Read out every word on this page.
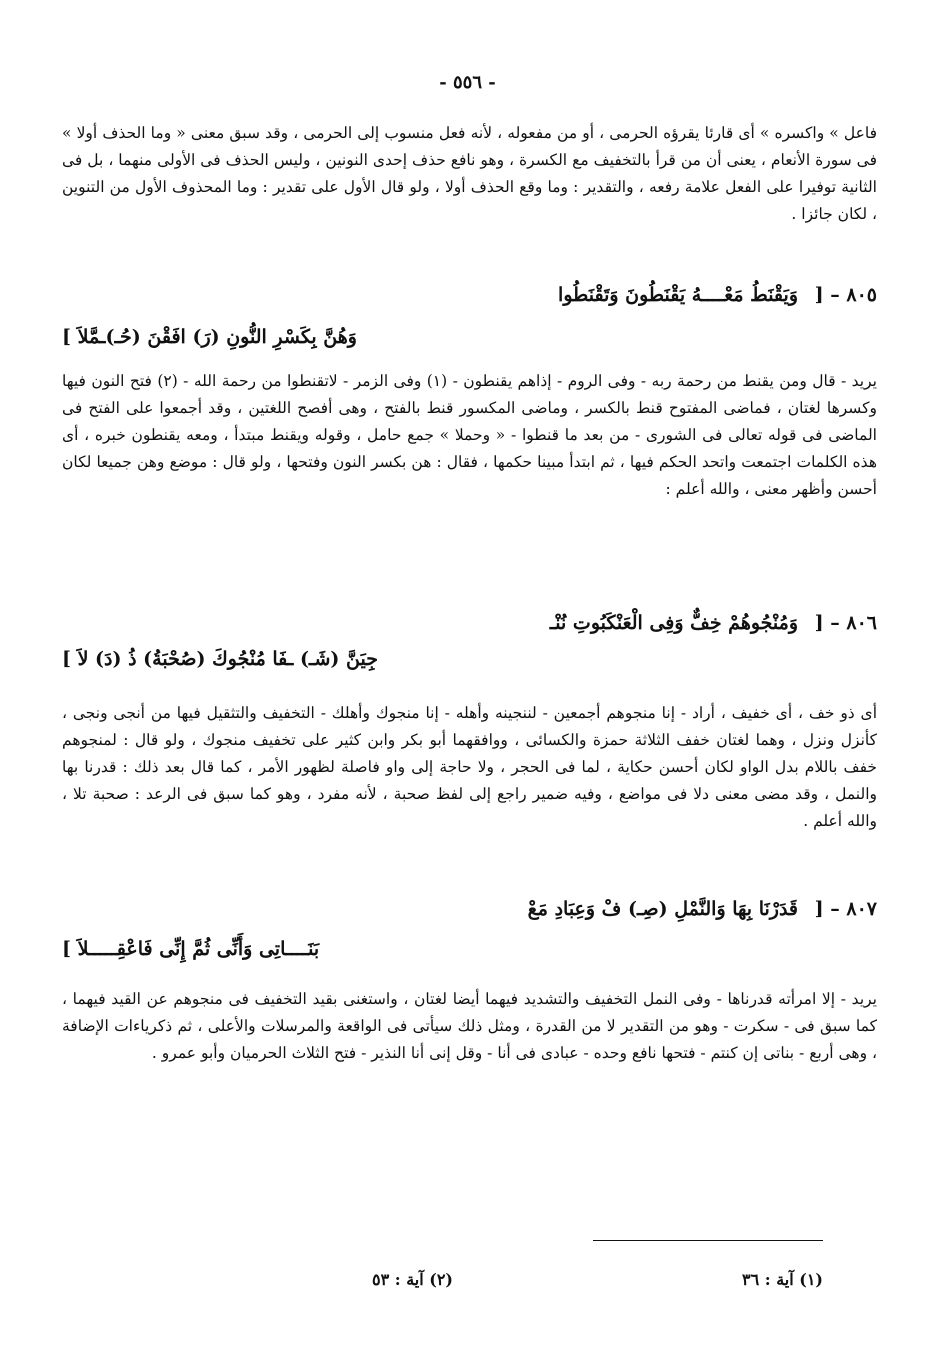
- ٥٥٦ -
فاعل » واكسره » أى قارئا يقرؤه الحرمى ، أو من مفعوله ، لأنه فعل منسوب إلى الحرمى ، وقد سبق معنى « وما الحذف أولا » فى سورة الأنعام ، يعنى أن من قرأ بالتخفيف مع الكسرة ، وهو نافع حذف إحدى النونين ، وليس الحذف فى الأولى منهما ، بل فى الثانية توفيرا على الفعل علامة رفعه ، والتقدير : وما وقع الحذف أولا ، ولو قال الأول على تقدير : وما المحذوف الأول من التنوين ، لكان جائزا .
٨٠٥ – [ وَيَقْنَطُ مَعْــــهُ يَقْنَطُونَ وَتَقْنَطُوا
وَهُنَّ بِكَسْرِ النُّونِ (رَ) افَقْنَ (حُـ)ـمَّلاَ ]
يريد - قال ومن يقنط من رحمة ربه - وفى الروم - إذاهم يقنطون - (١) وفى الزمر - لاتقنطوا من رحمة الله - (٢) فتح النون فيها وكسرها لغتان ، فماضى المفتوح قنط بالكسر ، وماضى المكسور قنط بالفتح ، وهى أفصح اللغتين ، وقد أجمعوا على الفتح فى الماضى فى قوله تعالى فى الشورى - من بعد ما قنطوا - « وحملا » جمع حامل ، وقوله ويقنط مبتدأ ، ومعه يقنطون خبره ، أى هذه الكلمات اجتمعت واتحد الحكم فيها ، ثم ابتدأ مبينا حكمها ، فقال : هن بكسر النون وفتحها ، ولو قال : موضع وهن جميعا لكان أحسن وأظهر معنى ، والله أعلم :
٨٠٦ – [ وَمُنْجُوهُمْ خِفٌّ وَفِى الْعَنْكَبُوتِ نُنْـ
جِيَنَّ (شَـ) ـفَا مُنْجُوكَ (صُحْبَةُ) ذُ (دَ) لاَ ]
أى ذو خف ، أى خفيف ، أراد - إنا منجوهم أجمعين - لننجينه وأهله - إنا منجوك وأهلك - التخفيف والتثقيل فيها من أنجى ونجى ، كأنزل ونزل ، وهما لغتان خفف الثلاثة حمزة والكسائى ، ووافقهما أبو بكر وابن كثير على تخفيف منجوك ، ولو قال : لمنجوهم خفف باللام بدل الواو لكان أحسن حكاية ، لما فى الحجر ، ولا حاجة إلى واو فاصلة لظهور الأمر ، كما قال بعد ذلك : قدرنا بها والنمل ، وقد مضى معنى دلا فى مواضع ، وفيه ضمير راجع إلى لفظ صحبة ، لأنه مفرد ، وهو كما سبق فى الرعد : صحبة تلا ، والله أعلم .
٨٠٧ – [ قَدَرْنَا بِهَا وَالنَّمْلِ (صِـ) فْ وَعِبَادِ مَعْ
بَنَــــاتِى وَأَنِّى ثُمَّ إِنِّى فَاعْقِـــــلاَ ]
يريد - إلا امرأته قدرناها - وفى النمل التخفيف والتشديد فيهما أيضا لغتان ، واستغنى بقيد التخفيف فى منجوهم عن القيد فيهما ، كما سبق فى - سكرت - وهو من التقدير لا من القدرة ، ومثل ذلك سيأتى فى الواقعة والمرسلات والأعلى ، ثم ذكرياءات الإضافة ، وهى أربع - بناتى إن كنتم - فتحها نافع وحده - عبادى فى أنا - وقل إنى أنا النذير - فتح الثلاث الحرميان وأبو عمرو .
(١) آية : ٣٦
(٢) آية : ٥٣
